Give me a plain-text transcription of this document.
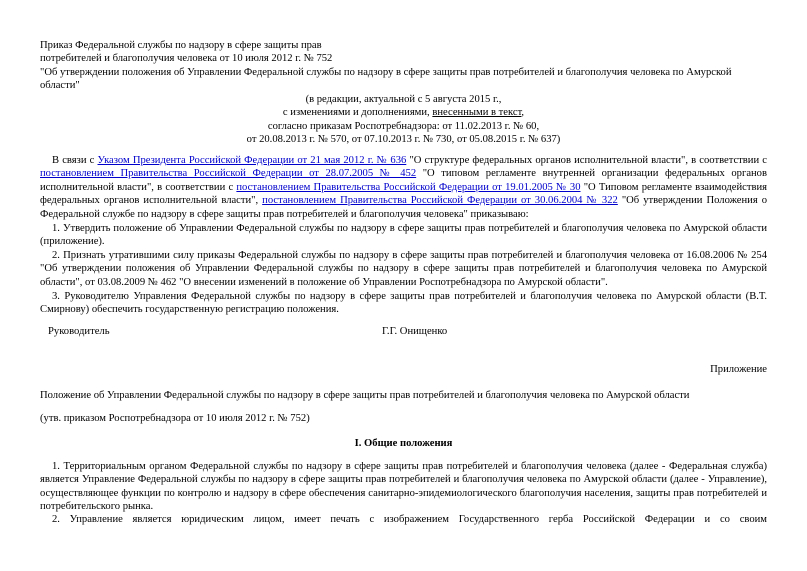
Приказ Федеральной службы по надзору в сфере защиты прав
потребителей и благополучия человека от 10 июля 2012 г. № 752
"Об утверждении положения об Управлении Федеральной службы по надзору в сфере защиты прав потребителей и благополучия человека по Амурской области"
(в редакции, актуальной с 5 августа 2015 г.,
с изменениями и дополнениями, внесенными в текст,
согласно приказам Роспотребнадзора: от 11.02.2013 г. № 60,
от 20.08.2013 г. № 570, от 07.10.2013 г. № 730, от 05.08.2015 г. № 637)
В связи с Указом Президента Российской Федерации от 21 мая 2012 г. № 636 "О структуре федеральных органов исполнительной власти", в соответствии с постановлением Правительства Российской Федерации от 28.07.2005 № 452 "О типовом регламенте внутренней организации федеральных органов исполнительной власти", в соответствии с постановлением Правительства Российской Федерации от 19.01.2005 № 30 "О Типовом регламенте взаимодействия федеральных органов исполнительной власти", постановлением Правительства Российской Федерации от 30.06.2004 № 322 "Об утверждении Положения о Федеральной службе по надзору в сфере защиты прав потребителей и благополучия человека" приказываю:
1. Утвердить положение об Управлении Федеральной службы по надзору в сфере защиты прав потребителей и благополучия человека по Амурской области (приложение).
2. Признать утратившими силу приказы Федеральной службы по надзору в сфере защиты прав потребителей и благополучия человека от 16.08.2006 № 254 "Об утверждении положения об Управлении Федеральной службы по надзору в сфере защиты прав потребителей и благополучия человека по Амурской области", от 03.08.2009 № 462 "О внесении изменений в положение об Управлении Роспотребнадзора по Амурской области".
3. Руководителю Управления Федеральной службы по надзору в сфере защиты прав потребителей и благополучия человека по Амурской области (В.Т. Смирнову) обеспечить государственную регистрацию положения.
Руководитель	Г.Г. Онищенко
Приложение
Положение об Управлении Федеральной службы по надзору в сфере защиты прав потребителей и благополучия человека по Амурской области
(утв. приказом Роспотребнадзора от 10 июля 2012 г. № 752)
I. Общие положения
1. Территориальным органом Федеральной службы по надзору в сфере защиты прав потребителей и благополучия человека (далее - Федеральная служба) является Управление Федеральной службы по надзору в сфере защиты прав потребителей и благополучия человека по Амурской области (далее - Управление), осуществляющее функции по контролю и надзору в сфере обеспечения санитарно-эпидемиологического благополучия населения, защиты прав потребителей и потребительского рынка.
2. Управление является юридическим лицом, имеет печать с изображением Государственного герба Российской Федерации и со своим
